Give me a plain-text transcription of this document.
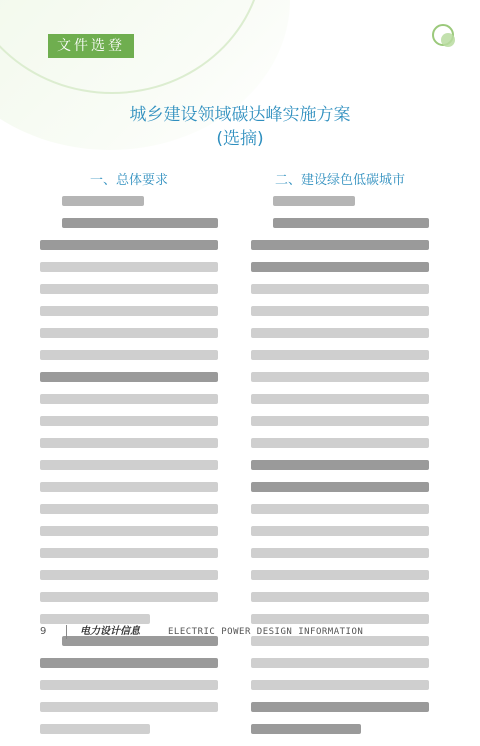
文件选登
城乡建设领域碳达峰实施方案
(选摘)
一、总体要求	二、建设绿色低碳城市
9	电力设计信息	ELECTRIC POWER DESIGN INFORMATION
